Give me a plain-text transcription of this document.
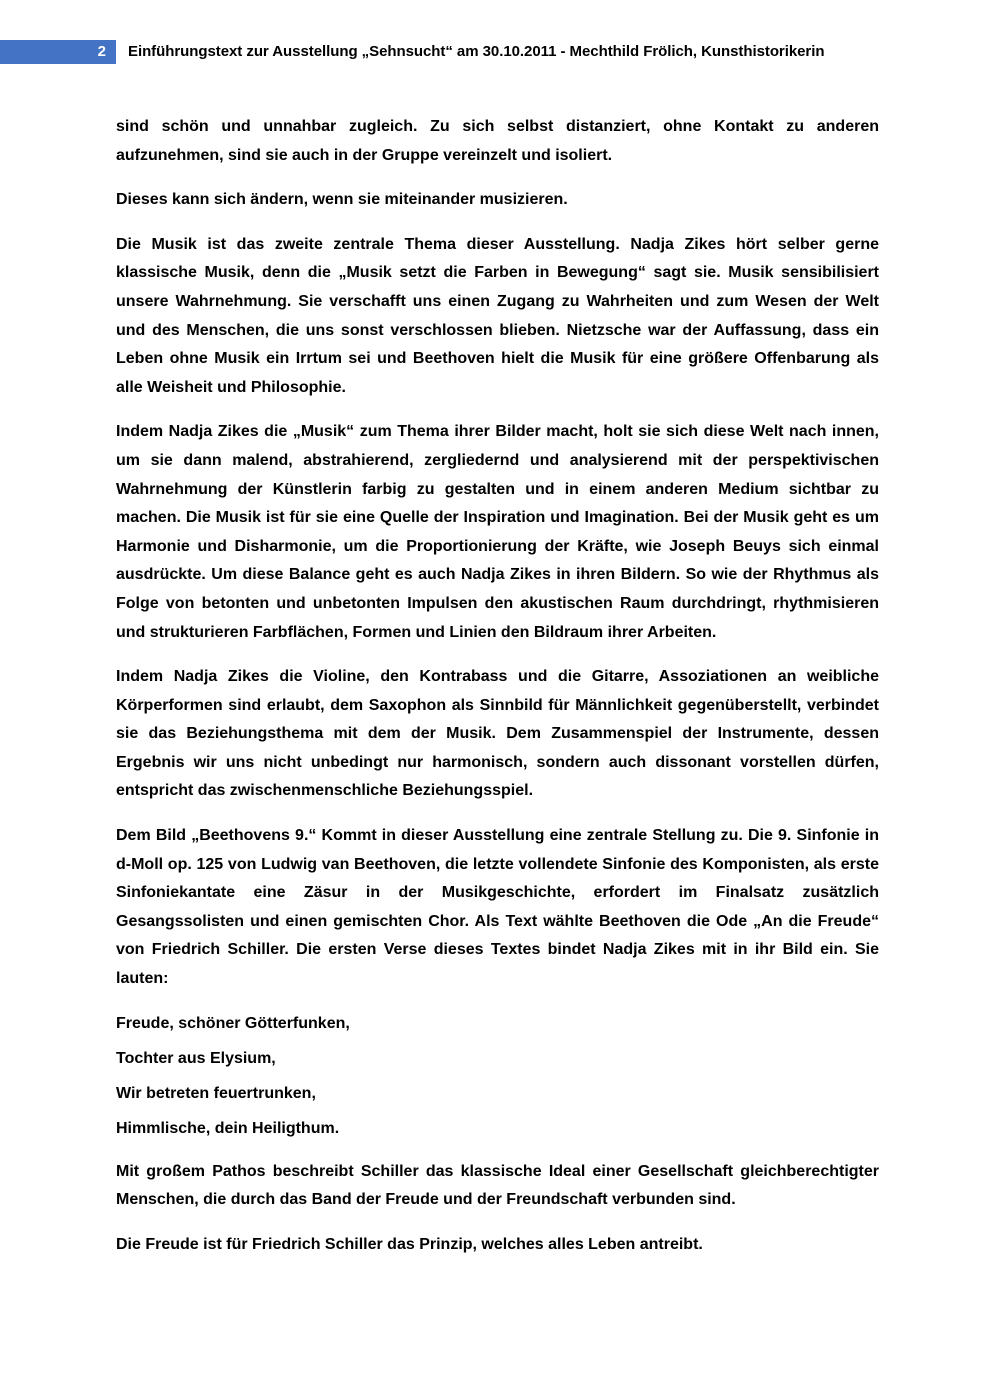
2 Einführungstext zur Ausstellung „Sehnsucht“ am 30.10.2011 - Mechthild Frölich, Kunsthistorikerin

sind schön und unnahbar zugleich. Zu sich selbst distanziert, ohne Kontakt zu anderen aufzunehmen, sind sie auch in der Gruppe vereinzelt und isoliert.

Dieses kann sich ändern, wenn sie miteinander musizieren.

Die Musik ist das zweite zentrale Thema dieser Ausstellung. Nadja Zikes hört selber gerne klassische Musik, denn die „Musik setzt die Farben in Bewegung“ sagt sie. Musik sensibilisiert unsere Wahrnehmung. Sie verschafft uns einen Zugang zu Wahrheiten und zum Wesen der Welt und des Menschen, die uns sonst verschlossen blieben. Nietzsche war der Auffassung, dass ein Leben ohne Musik ein Irrtum sei und Beethoven hielt die Musik für eine größere Offenbarung als alle Weisheit und Philosophie.

Indem Nadja Zikes die „Musik“ zum Thema ihrer Bilder macht, holt sie sich diese Welt nach innen, um sie dann malend, abstrahierend, zergliedernd und analysierend mit der perspektivischen Wahrnehmung der Künstlerin farbig zu gestalten und in einem anderen Medium sichtbar zu machen. Die Musik ist für sie eine Quelle der Inspiration und Imagination. Bei der Musik geht es um Harmonie und Disharmonie, um die Proportionierung der Kräfte, wie Joseph Beuys sich einmal ausdrückte. Um diese Balance geht es auch Nadja Zikes in ihren Bildern. So wie der Rhythmus als Folge von betonten und unbetonten Impulsen den akustischen Raum durchdringt, rhythmisieren und strukturieren Farbflächen, Formen und Linien den Bildraum ihrer Arbeiten.

Indem Nadja Zikes die Violine, den Kontrabass und die Gitarre, Assoziationen an weibliche Körperformen sind erlaubt, dem Saxophon als Sinnbild für Männlichkeit gegenüberstellt, verbindet sie das Beziehungsthema mit dem der Musik. Dem Zusammenspiel der Instrumente, dessen Ergebnis wir uns nicht unbedingt nur harmonisch, sondern auch dissonant vorstellen dürfen, entspricht das zwischenmenschliche Beziehungsspiel.

Dem Bild „Beethovens 9.“ Kommt in dieser Ausstellung eine zentrale Stellung zu. Die 9. Sinfonie in d-Moll op. 125 von Ludwig van Beethoven, die letzte vollendete Sinfonie des Komponisten, als erste Sinfoniekantate eine Zäsur in der Musikgeschichte, erfordert im Finalsatz zusätzlich Gesangssolisten und einen gemischten Chor. Als Text wählte Beethoven die Ode „An die Freude“ von Friedrich Schiller. Die ersten Verse dieses Textes bindet Nadja Zikes mit in ihr Bild ein. Sie lauten:

Freude, schöner Götterfunken,

Tochter aus Elysium,

Wir betreten feuertrunken,

Himmlische, dein Heiligthum.

Mit großem Pathos beschreibt Schiller das klassische Ideal einer Gesellschaft gleichberechtigter Menschen, die durch das Band der Freude und der Freundschaft verbunden sind.

Die Freude ist für Friedrich Schiller das Prinzip, welches alles Leben antreibt.
